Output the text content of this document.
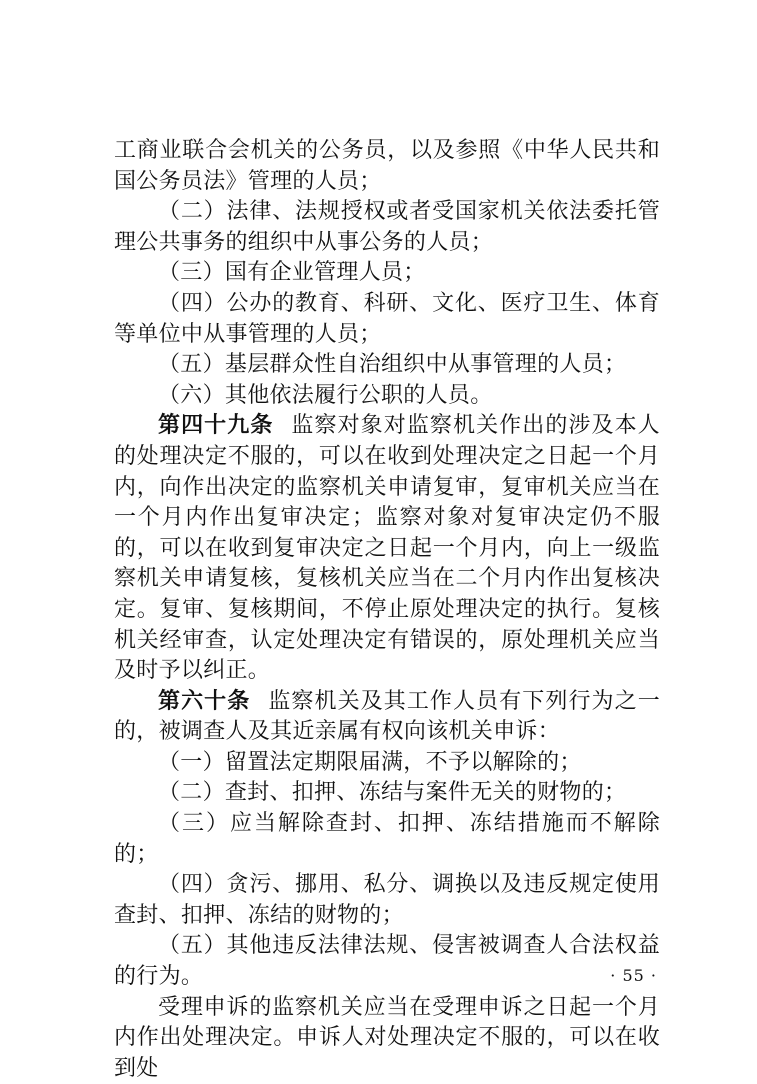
工商业联合会机关的公务员，以及参照《中华人民共和国公务员法》管理的人员；

（二）法律、法规授权或者受国家机关依法委托管理公共事务的组织中从事公务的人员；

（三）国有企业管理人员；

（四）公办的教育、科研、文化、医疗卫生、体育等单位中从事管理的人员；

（五）基层群众性自治组织中从事管理的人员；

（六）其他依法履行公职的人员。

第四十九条 监察对象对监察机关作出的涉及本人的处理决定不服的，可以在收到处理决定之日起一个月内，向作出决定的监察机关申请复审，复审机关应当在一个月内作出复审决定；监察对象对复审决定仍不服的，可以在收到复审决定之日起一个月内，向上一级监察机关申请复核，复核机关应当在二个月内作出复核决定。复审、复核期间，不停止原处理决定的执行。复核机关经审查，认定处理决定有错误的，原处理机关应当及时予以纠正。

第六十条 监察机关及其工作人员有下列行为之一的，被调查人及其近亲属有权向该机关申诉：

（一）留置法定期限届满，不予以解除的；

（二）查封、扣押、冻结与案件无关的财物的；

（三）应当解除查封、扣押、冻结措施而不解除的；

（四）贪污、挪用、私分、调换以及违反规定使用查封、扣押、冻结的财物的；

（五）其他违反法律法规、侵害被调查人合法权益的行为。

受理申诉的监察机关应当在受理申诉之日起一个月内作出处理决定。申诉人对处理决定不服的，可以在收到处

· 55 ·
